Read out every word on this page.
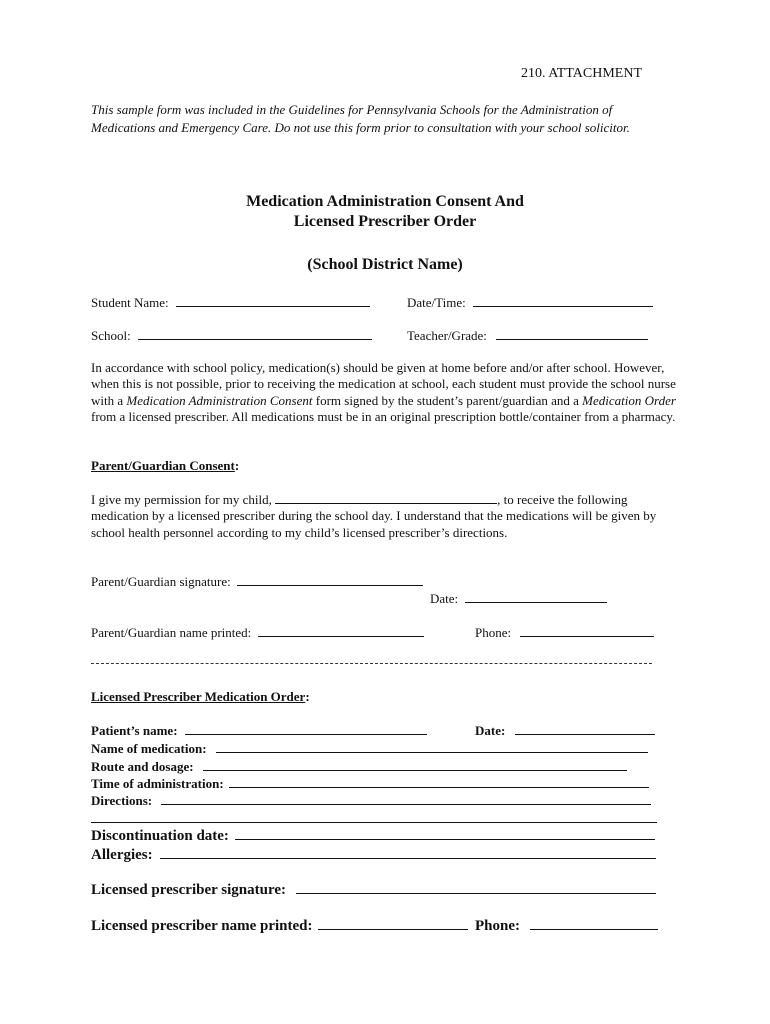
210. ATTACHMENT
This sample form was included in the Guidelines for Pennsylvania Schools for the Administration of Medications and Emergency Care. Do not use this form prior to consultation with your school solicitor.
Medication Administration Consent And
Licensed Prescriber Order
(School District Name)
Student Name:	Date/Time:
School:	Teacher/Grade:
In accordance with school policy, medication(s) should be given at home before and/or after school. However, when this is not possible, prior to receiving the medication at school, each student must provide the school nurse with a Medication Administration Consent form signed by the student’s parent/guardian and a Medication Order from a licensed prescriber. All medications must be in an original prescription bottle/container from a pharmacy.
Parent/Guardian Consent:
I give my permission for my child,	, to receive the following medication by a licensed prescriber during the school day. I understand that the medications will be given by school health personnel according to my child’s licensed prescriber’s directions.
Parent/Guardian signature:
Date:
Parent/Guardian name printed:	Phone:
Licensed Prescriber Medication Order:
Patient’s name:	Date:
Name of medication:
Route and dosage:
Time of administration:
Directions:
Discontinuation date:
Allergies:
Licensed prescriber signature:
Licensed prescriber name printed:	Phone:
